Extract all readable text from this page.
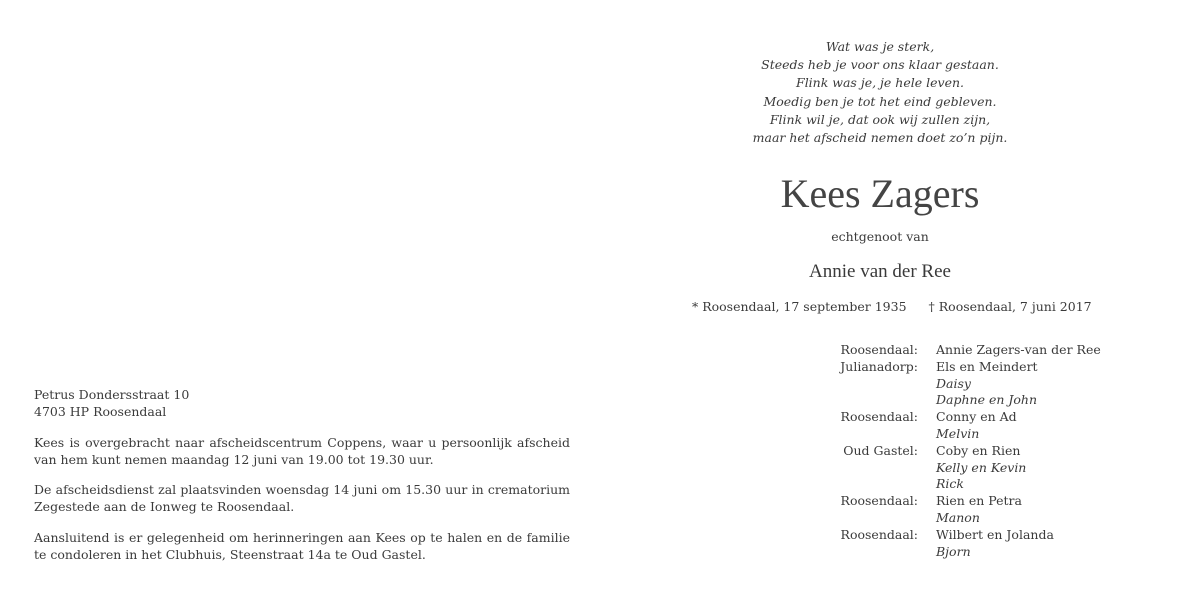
Petrus Dondersstraat 10
4703 HP Roosendaal

Kees is overgebracht naar afscheidscentrum Coppens, waar u persoonlijk afscheid van hem kunt nemen maandag 12 juni van 19.00 tot 19.30 uur.

De afscheidsdienst zal plaatsvinden woensdag 14 juni om 15.30 uur in crematorium Zegestede aan de Ionweg te Roosendaal.

Aansluitend is er gelegenheid om herinneringen aan Kees op te halen en de familie te condoleren in het Clubhuis, Steenstraat 14a te Oud Gastel.

Wat was je sterk,
Steeds heb je voor ons klaar gestaan.
Flink was je, je hele leven.
Moedig ben je tot het eind gebleven.
Flink wil je, dat ook wij zullen zijn,
maar het afscheid nemen doet zo’n pijn.
Kees Zagers
echtgenoot van
Annie van der Ree
* Roosendaal, 17 september 1935 † Roosendaal, 7 juni 2017
Roosendaal: Annie Zagers-van der Ree
Julianadorp: Els en Meindert
Daisy
Daphne en John
Roosendaal: Conny en Ad
Melvin
Oud Gastel: Coby en Rien
Kelly en Kevin
Rick
Roosendaal: Rien en Petra
Manon
Roosendaal: Wilbert en Jolanda
Bjorn
